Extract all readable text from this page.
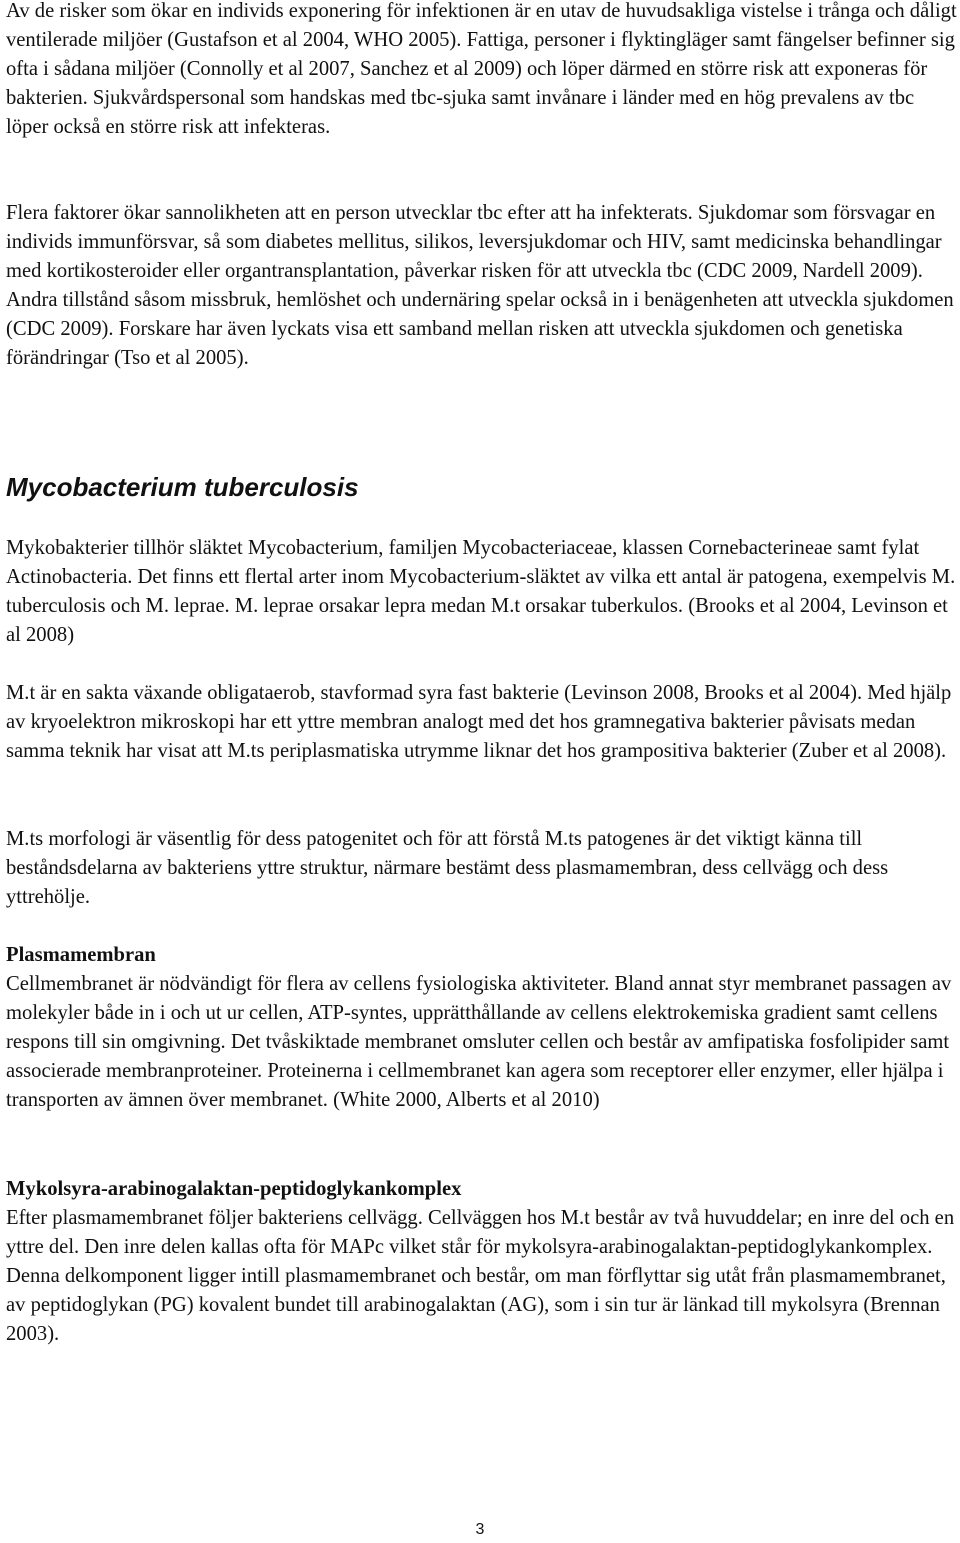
Av de risker som ökar en individs exponering för infektionen är en utav de huvudsakliga vistelse i trånga och dåligt ventilerade miljöer (Gustafson et al 2004, WHO 2005). Fattiga, personer i flyktingläger samt fängelser befinner sig ofta i sådana miljöer (Connolly et al 2007, Sanchez et al 2009) och löper därmed en större risk att exponeras för bakterien. Sjukvårdspersonal som handskas med tbc-sjuka samt invånare i länder med en hög prevalens av tbc löper också en större risk att infekteras.

Flera faktorer ökar sannolikheten att en person utvecklar tbc efter att ha infekterats. Sjukdomar som försvagar en individs immunförsvar, så som diabetes mellitus, silikos, leversjukdomar och HIV, samt medicinska behandlingar med kortikosteroider eller organtransplantation, påverkar risken för att utveckla tbc (CDC 2009, Nardell 2009). Andra tillstånd såsom missbruk, hemlöshet och undernäring spelar också in i benägenheten att utveckla sjukdomen (CDC 2009). Forskare har även lyckats visa ett samband mellan risken att utveckla sjukdomen och genetiska förändringar (Tso et al 2005).

Mycobacterium tuberculosis

Mykobakterier tillhör släktet Mycobacterium, familjen Mycobacteriaceae, klassen Cornebacterineae samt fylat Actinobacteria. Det finns ett flertal arter inom Mycobacterium-släktet av vilka ett antal är patogena, exempelvis M. tuberculosis och M. leprae. M. leprae orsakar lepra medan M.t orsakar tuberkulos. (Brooks et al 2004, Levinson et al 2008)

M.t är en sakta växande obligataerob, stavformad syra fast bakterie (Levinson 2008, Brooks et al 2004). Med hjälp av kryoelektron mikroskopi har ett yttre membran analogt med det hos gramnegativa bakterier påvisats medan samma teknik har visat att M.ts periplasmatiska utrymme liknar det hos grampositiva bakterier (Zuber et al 2008).

M.ts morfologi är väsentlig för dess patogenitet och för att förstå M.ts patogenes är det viktigt känna till beståndsdelarna av bakteriens yttre struktur, närmare bestämt dess plasmamembran, dess cellvägg och dess yttrehölje.

Plasmamembran

Cellmembranet är nödvändigt för flera av cellens fysiologiska aktiviteter. Bland annat styr membranet passagen av molekyler både in i och ut ur cellen, ATP-syntes, upprätthållande av cellens elektrokemiska gradient samt cellens respons till sin omgivning. Det tvåskiktade membranet omsluter cellen och består av amfipatiska fosfolipider samt associerade membranproteiner. Proteinerna i cellmembranet kan agera som receptorer eller enzymer, eller hjälpa i transporten av ämnen över membranet. (White 2000, Alberts et al 2010)

Mykolsyra-arabinogalaktan-peptidoglykankomplex

Efter plasmamembranet följer bakteriens cellvägg. Cellväggen hos M.t består av två huvuddelar; en inre del och en yttre del. Den inre delen kallas ofta för MAPc vilket står för mykolsyra-arabinogalaktan-peptidoglykankomplex. Denna delkomponent ligger intill plasmamembranet och består, om man förflyttar sig utåt från plasmamembranet, av peptidoglykan (PG) kovalent bundet till arabinogalaktan (AG), som i sin tur är länkad till mykolsyra (Brennan 2003).

3
